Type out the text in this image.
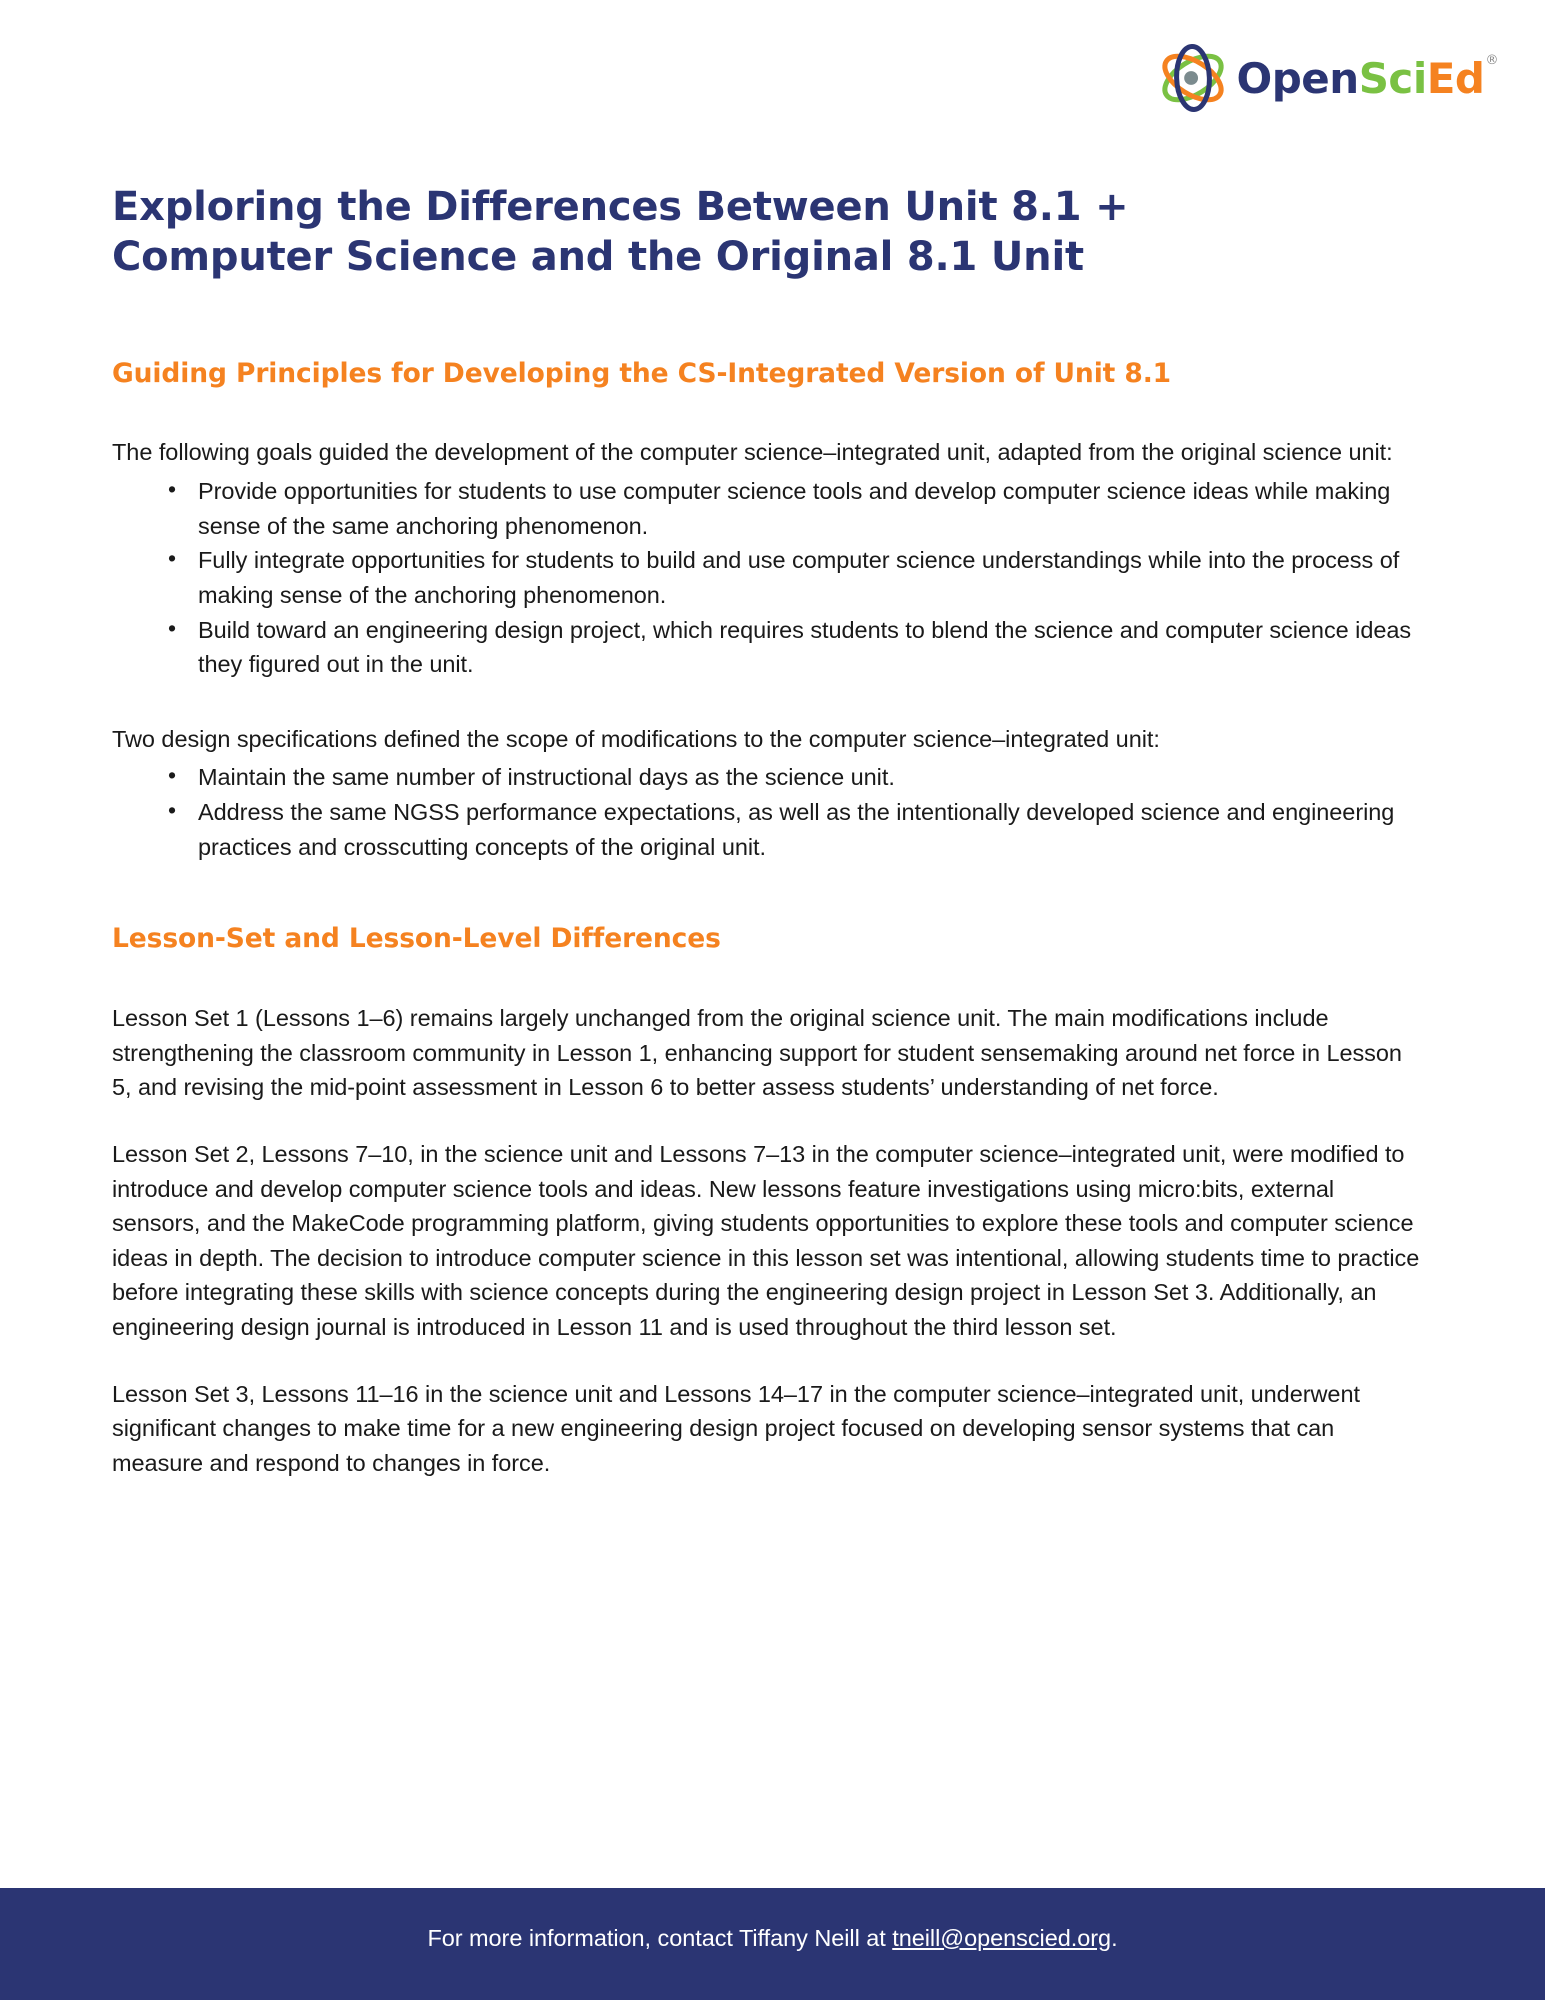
OpenSciEd®
Exploring the Differences Between Unit 8.1 + Computer Science and the Original 8.1 Unit
Guiding Principles for Developing the CS-Integrated Version of Unit 8.1

The following goals guided the development of the computer science–integrated unit, adapted from the original science unit:

• Provide opportunities for students to use computer science tools and develop computer science ideas while making sense of the same anchoring phenomenon.
• Fully integrate opportunities for students to build and use computer science understandings while into the process of making sense of the anchoring phenomenon.
• Build toward an engineering design project, which requires students to blend the science and computer science ideas they figured out in the unit.

Two design specifications defined the scope of modifications to the computer science–integrated unit:

• Maintain the same number of instructional days as the science unit.
• Address the same NGSS performance expectations, as well as the intentionally developed science and engineering practices and crosscutting concepts of the original unit.
Lesson-Set and Lesson-Level Differences

Lesson Set 1 (Lessons 1–6) remains largely unchanged from the original science unit. The main modifications include strengthening the classroom community in Lesson 1, enhancing support for student sensemaking around net force in Lesson 5, and revising the mid-point assessment in Lesson 6 to better assess students’ understanding of net force.

Lesson Set 2, Lessons 7–10, in the science unit and Lessons 7–13 in the computer science–integrated unit, were modified to introduce and develop computer science tools and ideas. New lessons feature investigations using micro:bits, external sensors, and the MakeCode programming platform, giving students opportunities to explore these tools and computer science ideas in depth. The decision to introduce computer science in this lesson set was intentional, allowing students time to practice before integrating these skills with science concepts during the engineering design project in Lesson Set 3. Additionally, an engineering design journal is introduced in Lesson 11 and is used throughout the third lesson set.

Lesson Set 3, Lessons 11–16 in the science unit and Lessons 14–17 in the computer science–integrated unit, underwent significant changes to make time for a new engineering design project focused on developing sensor systems that can measure and respond to changes in force.

For more information, contact Tiffany Neill at tneill@openscied.org.
